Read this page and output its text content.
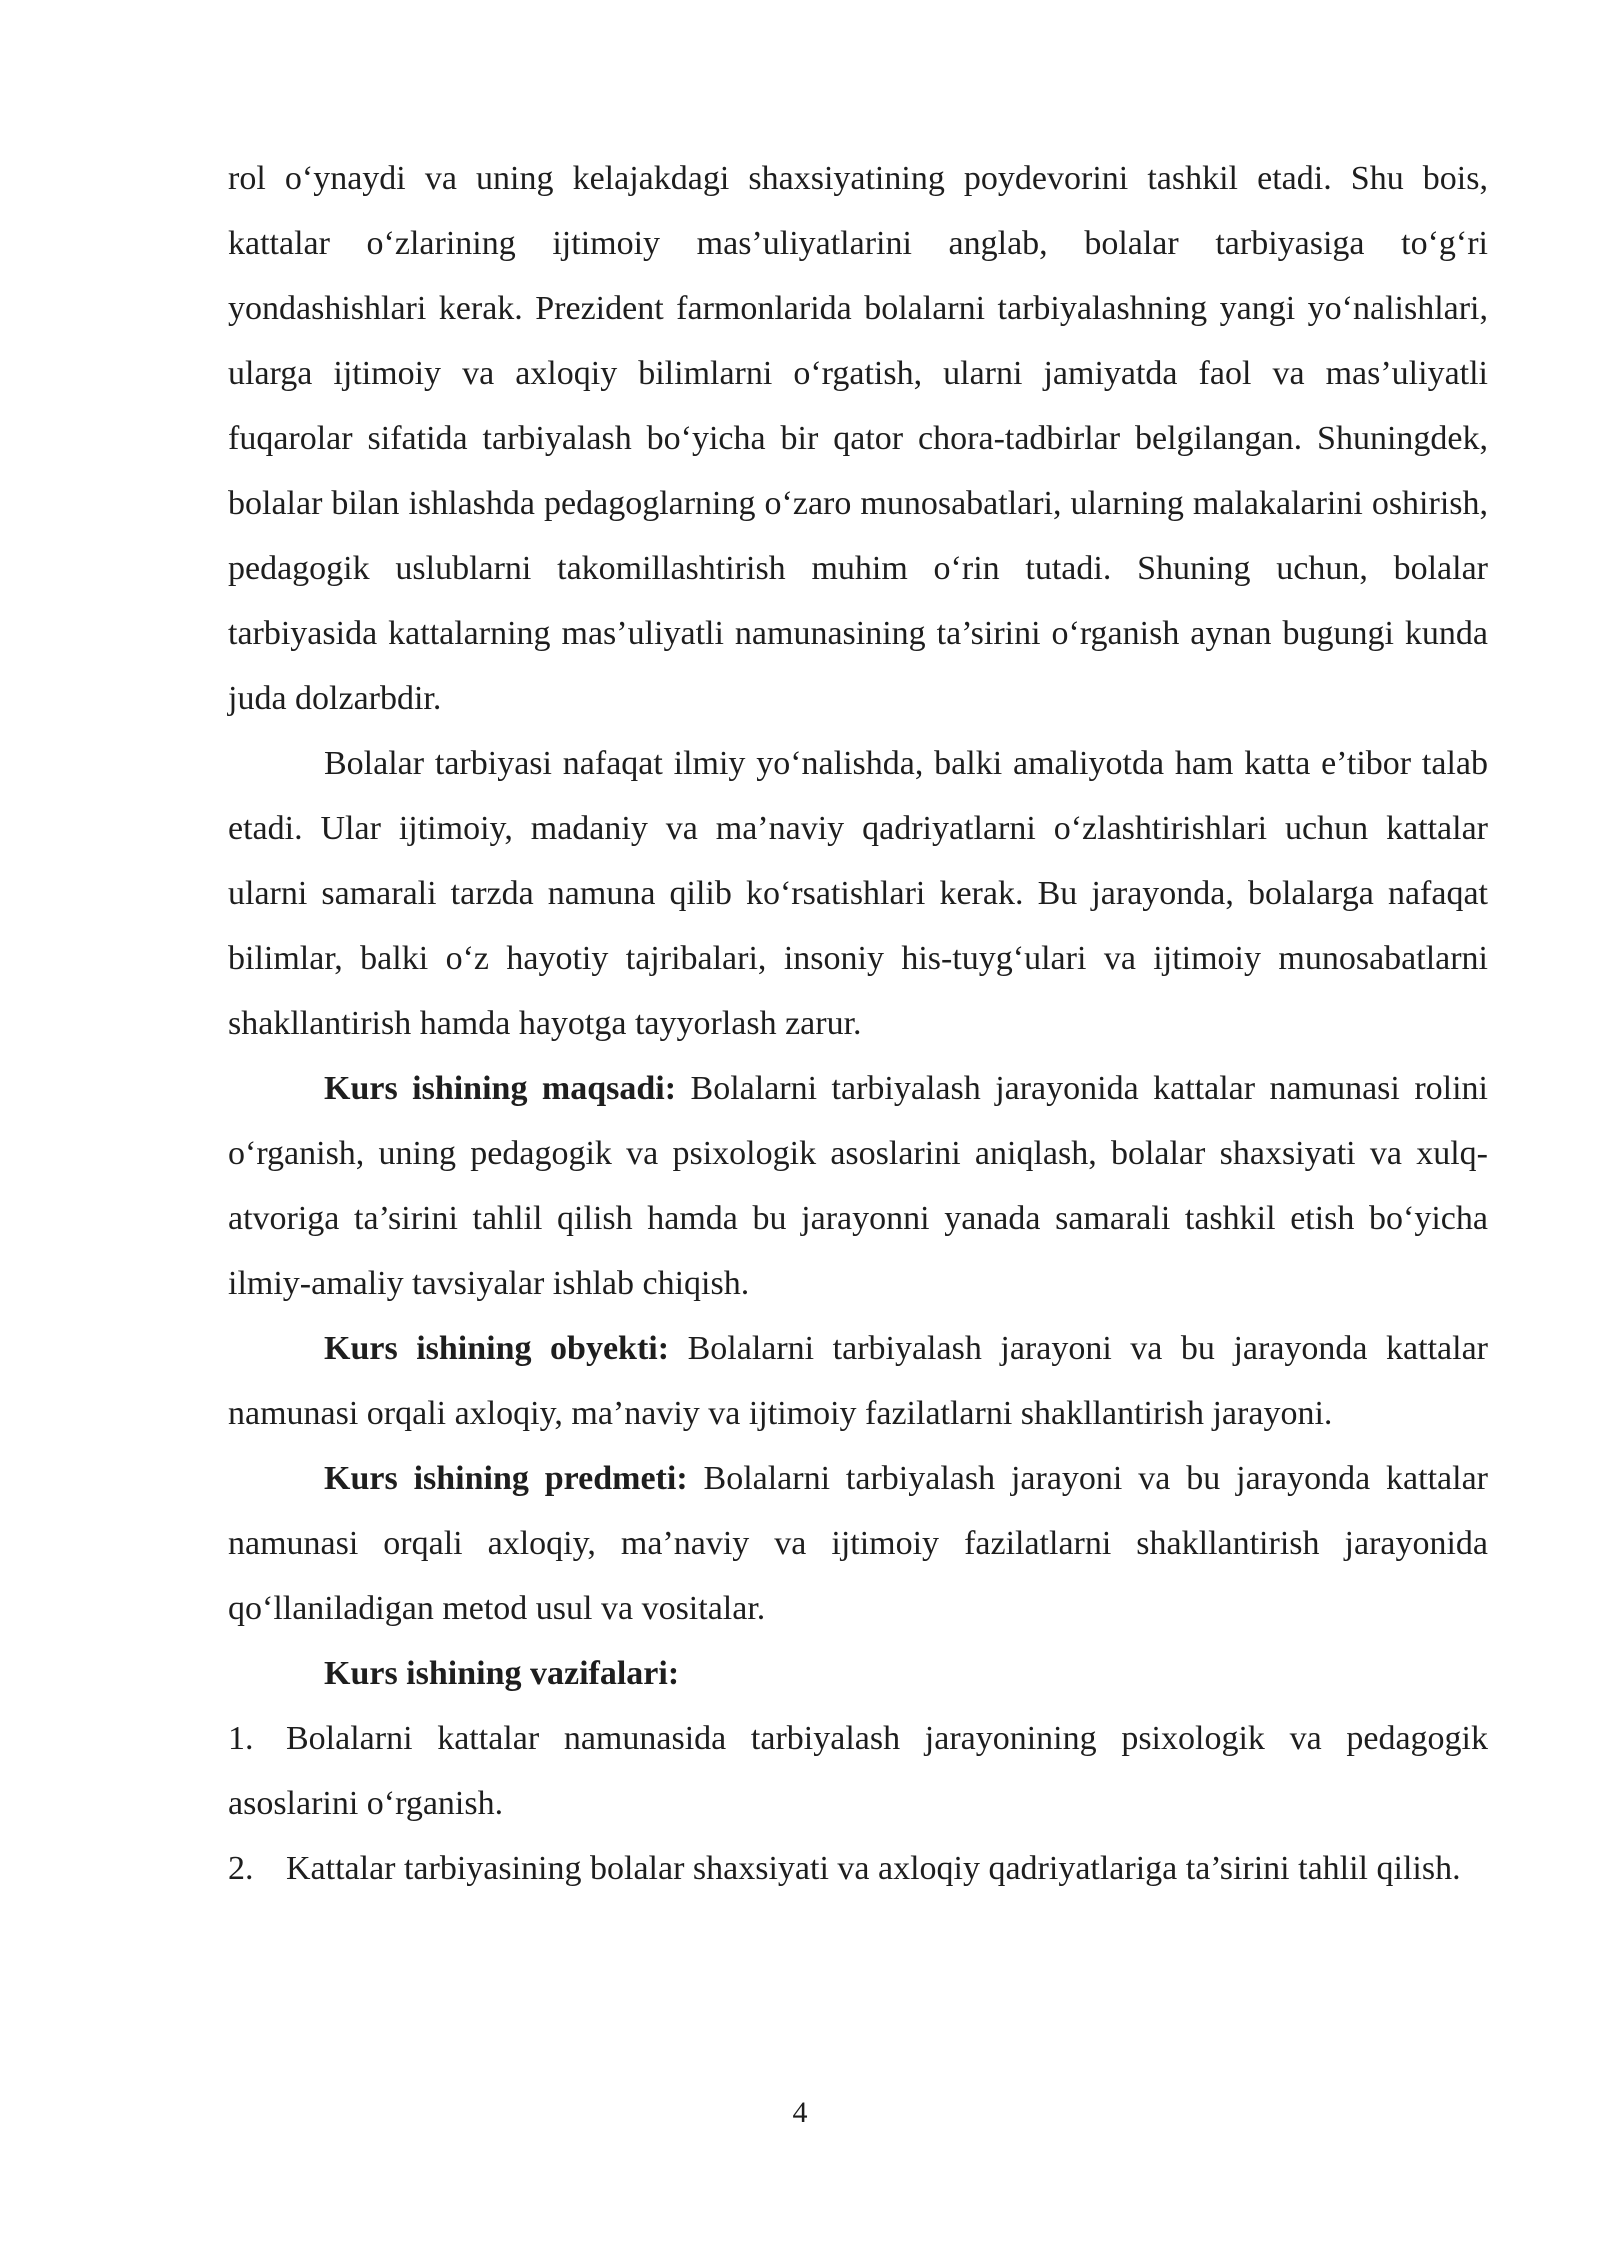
rol o‘ynaydi va uning kelajakdagi shaxsiyatining poydevorini tashkil etadi. Shu bois, kattalar o‘zlarining ijtimoiy mas’uliyatlarini anglab, bolalar tarbiyasiga to‘g‘ri yondashishlari kerak. Prezident farmonlarida bolalarni tarbiyalashning yangi yo‘nalishlari, ularga ijtimoiy va axloqiy bilimlarni o‘rgatish, ularni jamiyatda faol va mas’uliyatli fuqarolar sifatida tarbiyalash bo‘yicha bir qator chora-tadbirlar belgilangan. Shuningdek, bolalar bilan ishlashda pedagoglarning o‘zaro munosabatlari, ularning malakalarini oshirish, pedagogik uslublarni takomillashtirish muhim o‘rin tutadi. Shuning uchun, bolalar tarbiyasida kattalarning mas’uliyatli namunasining ta’sirini o‘rganish aynan bugungi kunda juda dolzarbdir.

Bolalar tarbiyasi nafaqat ilmiy yo‘nalishda, balki amaliyotda ham katta e’tibor talab etadi. Ular ijtimoiy, madaniy va ma’naviy qadriyatlarni o‘zlashtirishlari uchun kattalar ularni samarali tarzda namuna qilib ko‘rsatishlari kerak. Bu jarayonda, bolalarga nafaqat bilimlar, balki o‘z hayotiy tajribalari, insoniy his-tuyg‘ulari va ijtimoiy munosabatlarni shakllantirish hamda hayotga tayyorlash zarur.

Kurs ishining maqsadi: Bolalarni tarbiyalash jarayonida kattalar namunasi rolini o‘rganish, uning pedagogik va psixologik asoslarini aniqlash, bolalar shaxsiyati va xulq-atvoriga ta’sirini tahlil qilish hamda bu jarayonni yanada samarali tashkil etish bo‘yicha ilmiy-amaliy tavsiyalar ishlab chiqish.

Kurs ishining obyekti: Bolalarni tarbiyalash jarayoni va bu jarayonda kattalar namunasi orqali axloqiy, ma’naviy va ijtimoiy fazilatlarni shakllantirish jarayoni.

Kurs ishining predmeti: Bolalarni tarbiyalash jarayoni va bu jarayonda kattalar namunasi orqali axloqiy, ma’naviy va ijtimoiy fazilatlarni shakllantirish jarayonida qo‘llaniladigan metod usul va vositalar.

Kurs ishining vazifalari:

1. Bolalarni kattalar namunasida tarbiyalash jarayonining psixologik va pedagogik asoslarini o‘rganish.

2. Kattalar tarbiyasining bolalar shaxsiyati va axloqiy qadriyatlariga ta’sirini tahlil qilish.

4
